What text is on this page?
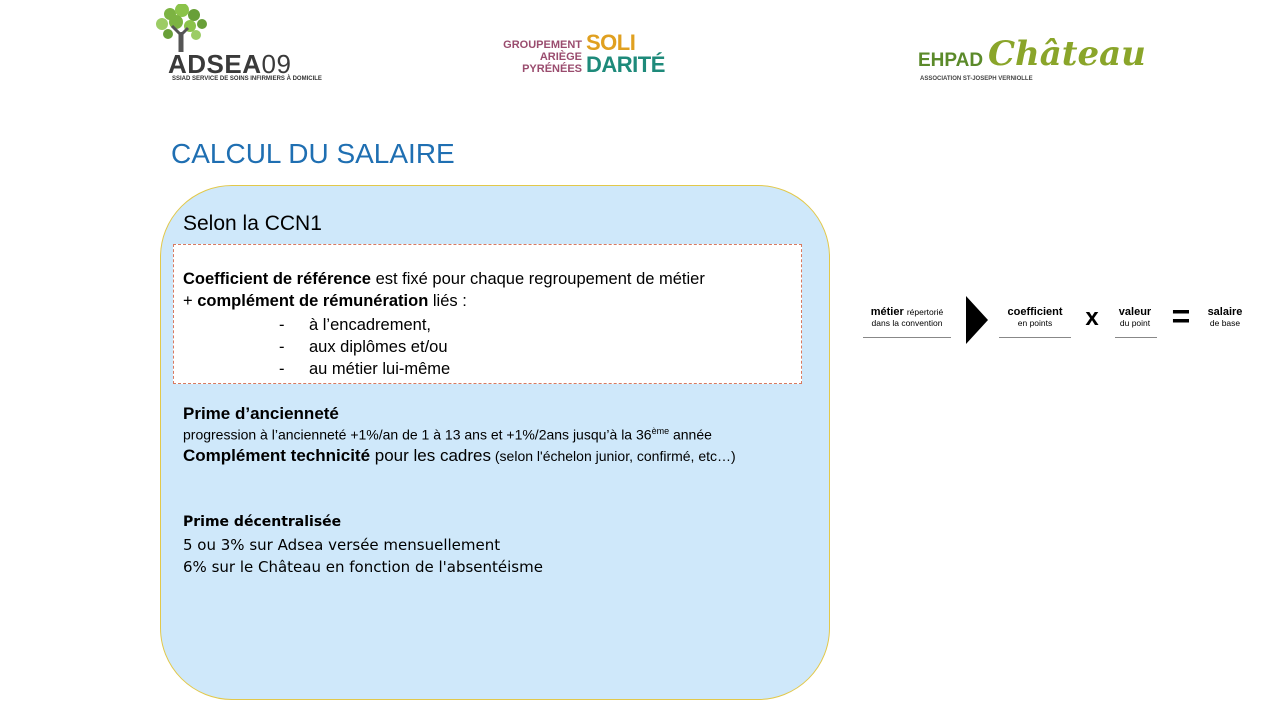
ADSEA09
SSIAD SERVICE DE SOINS INFIRMIERS À DOMICILE
GROUPEMENT
ARIÈGE
PYRÉNÉES
SOLI
DARITÉ	EHPAD Château
ASSOCIATION ST-JOSEPH VERNIOLLE
CALCUL DU SALAIRE
Selon la CCN1
Coefficient de référence est fixé pour chaque regroupement de métier
+ complément de rémunération liés :
- à l’encadrement,
- aux diplômes et/ou
- au métier lui-même
Prime d’ancienneté
progression à l’ancienneté +1%/an de 1 à 13 ans et +1%/2ans jusqu’à la 36ème année
Complément technicité pour les cadres (selon l'échelon junior, confirmé, etc…)
Prime décentralisée
5 ou 3% sur Adsea versée mensuellement
6% sur le Château en fonction de l'absentéisme
métier répertorié
dans la convention
coefficient
en points	x	valeur
du point =	salaire
de base
